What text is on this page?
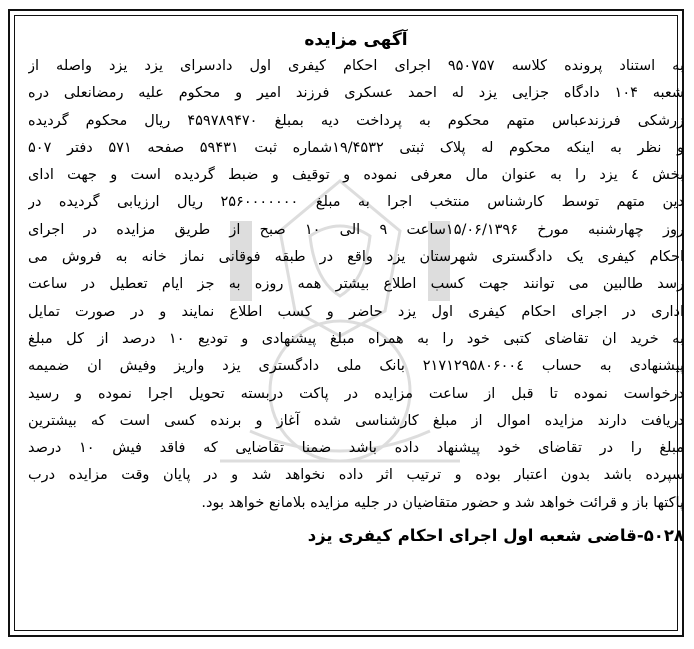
آگهی مزایده
به استناد پرونده کلاسه ۹۵۰۷۵۷ اجرای احکام کیفری اول دادسرای یزد یزد واصله از
شعبه ۱۰۴ دادگاه جزایی یزد له احمد عسکری فرزند امیر و محکوم علیه رمضانعلی دره
زرشکی فرزندعباس متهم محکوم به پرداخت دیه بمبلغ ۴۵۹۷۸۹۴۷۰ ریال محکوم گردیده
و نظر به اینکه محکوم له پلاک ثبتی ۱۹/۴۵۳۲شماره ثبت ۵۹۴۳۱ صفحه ۵۷۱ دفتر ۵۰۷
بخش ٤ یزد را به عنوان مال معرفی نموده و توقیف و ضبط گردیده است و جهت ادای
دین متهم توسط کارشناس منتخب اجرا به مبلغ ۲۵۶۰۰۰۰۰۰۰ ریال ارزیابی گردیده در
روز چهارشنبه مورخ ۱۵/۰۶/۱۳۹۶ساعت ۹ الی ۱۰ صبح از طریق مزایده در اجرای
احکام کیفری یک دادگستری شهرستان یزد واقع در طبقه فوقانی نماز خانه به فروش می
رسد طالبین می توانند جهت کسب اطلاع بیشتر همه روزه به جز ایام تعطیل در ساعت
اداری در اجرای احکام کیفری اول یزد حاضر و کسب اطلاع نمایند و در صورت تمایل
به خرید ان تقاضای کتبی خود را به همراه مبلغ پیشنهادی و تودیع ۱۰ درصد از کل مبلغ
پیشنهادی به حساب ۲۱۷۱۲۹۵۸۰۶۰۰٤ بانک ملی دادگستری یزد واریز وفیش ان ضمیمه
درخواست نموده تا قبل از ساعت مزایده در پاکت دربسته تحویل اجرا نموده و رسید
دریافت دارند مزایده اموال از مبلغ کارشناسی شده آغاز و برنده کسی است که بیشترین
مبلغ را در تقاضای خود پیشنهاد داده باشد ضمنا تقاضایی که فاقد فیش ۱۰ درصد
سپرده باشد بدون اعتبار بوده و ترتیب اثر داده نخواهد شد و در پایان وقت مزایده درب
پاکتها باز و قرائت خواهد شد و حضور متقاضیان در جلیه مزایده بلامانع خواهد بود.
۵۰۲۸-قاضی شعبه اول اجرای احکام کیفری یزد
